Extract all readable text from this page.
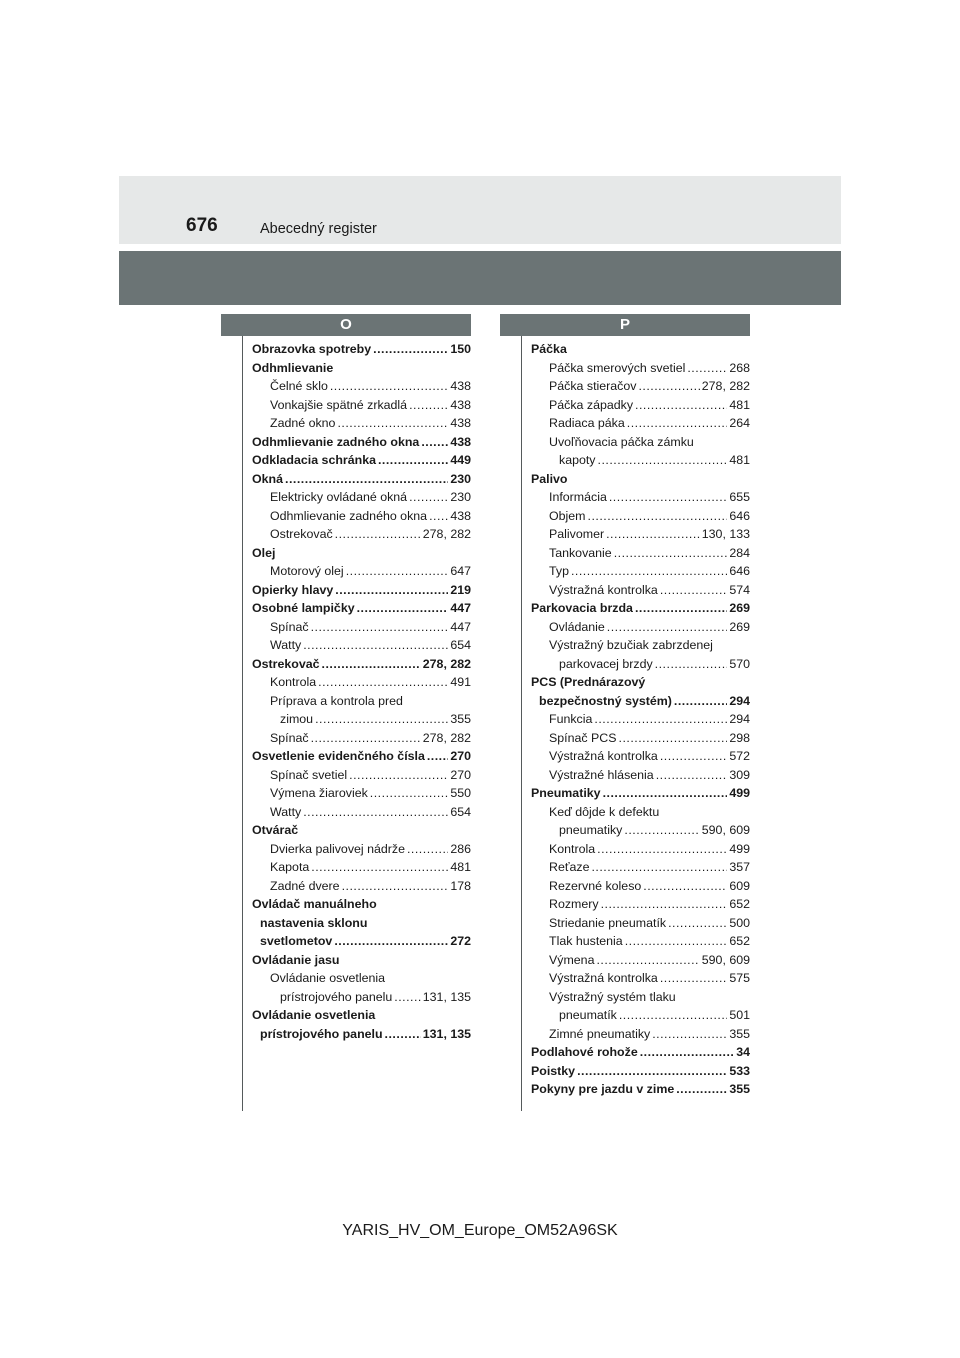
676	Abecedný register
O	P
Obrazovka spotreby .....	150
Odhmlievanie
Čelné sklo .....	438
Vonkajšie spätné zrkadlá .....	438
Zadné okno .....	438
Odhmlievanie zadného okna .....	438
Odkladacia schránka .....	449
Okná .....	230
Elektricky ovládané okná .....	230
Odhmlievanie zadného okna ..... 438
Ostrekovač .....	278, 282
Olej
Motorový olej .....	647
Opierky hlavy .....	219
Osobné lampičky .....	447
Spínač .....	447
Watty .....	654
Ostrekovač .....	278, 282
Kontrola .....	491
Príprava a kontrola pred
zimou .....	355
Spínač .....	278, 282
Osvetlenie evidenčného čísla ..... 270
Spínač svetiel .....	270
Výmena žiaroviek .....	550
Watty .....	654
Otvárač
Dvierka palivovej nádrže .....	286
Kapota .....	481
Zadné dvere .....	178
Ovládač manuálneho
nastavenia sklonu
svetlometov .....	272
Ovládanie jasu
Ovládanie osvetlenia
prístrojového panelu ..... 131, 135
Ovládanie osvetlenia
prístrojového panelu .....	131, 135
Páčka
Páčka smerových svetiel .....	268
Páčka stieračov .....	278, 282
Páčka západky .....	481
Radiaca páka .....	264
Uvoľňovacia páčka zámku
kapoty .....	481
Palivo
Informácia .....	655
Objem .....	646
Palivomer .....	130, 133
Tankovanie .....	284
Typ .....	646
Výstražná kontrolka .....	574
Parkovacia brzda .....	269
Ovládanie .....	269
Výstražný bzučiak zabrzdenej
parkovacej brzdy .....	570
PCS (Prednárazový
bezpečnostný systém) .....	294
Funkcia .....	294
Spínač PCS .....	298
Výstražná kontrolka .....	572
Výstražné hlásenia .....	309
Pneumatiky .....	499
Keď dôjde k defektu
pneumatiky .....	590, 609
Kontrola .....	499
Reťaze .....	357
Rezervné koleso .....	609
Rozmery .....	652
Striedanie pneumatík .....	500
Tlak hustenia .....	652
Výmena .....	590, 609
Výstražná kontrolka .....	575
Výstražný systém tlaku
pneumatík .....	501
Zimné pneumatiky .....	355
Podlahové rohože .....	34
Poistky .....	533
Pokyny pre jazdu v zime .....	355
YARIS_HV_OM_Europe_OM52A96SK
